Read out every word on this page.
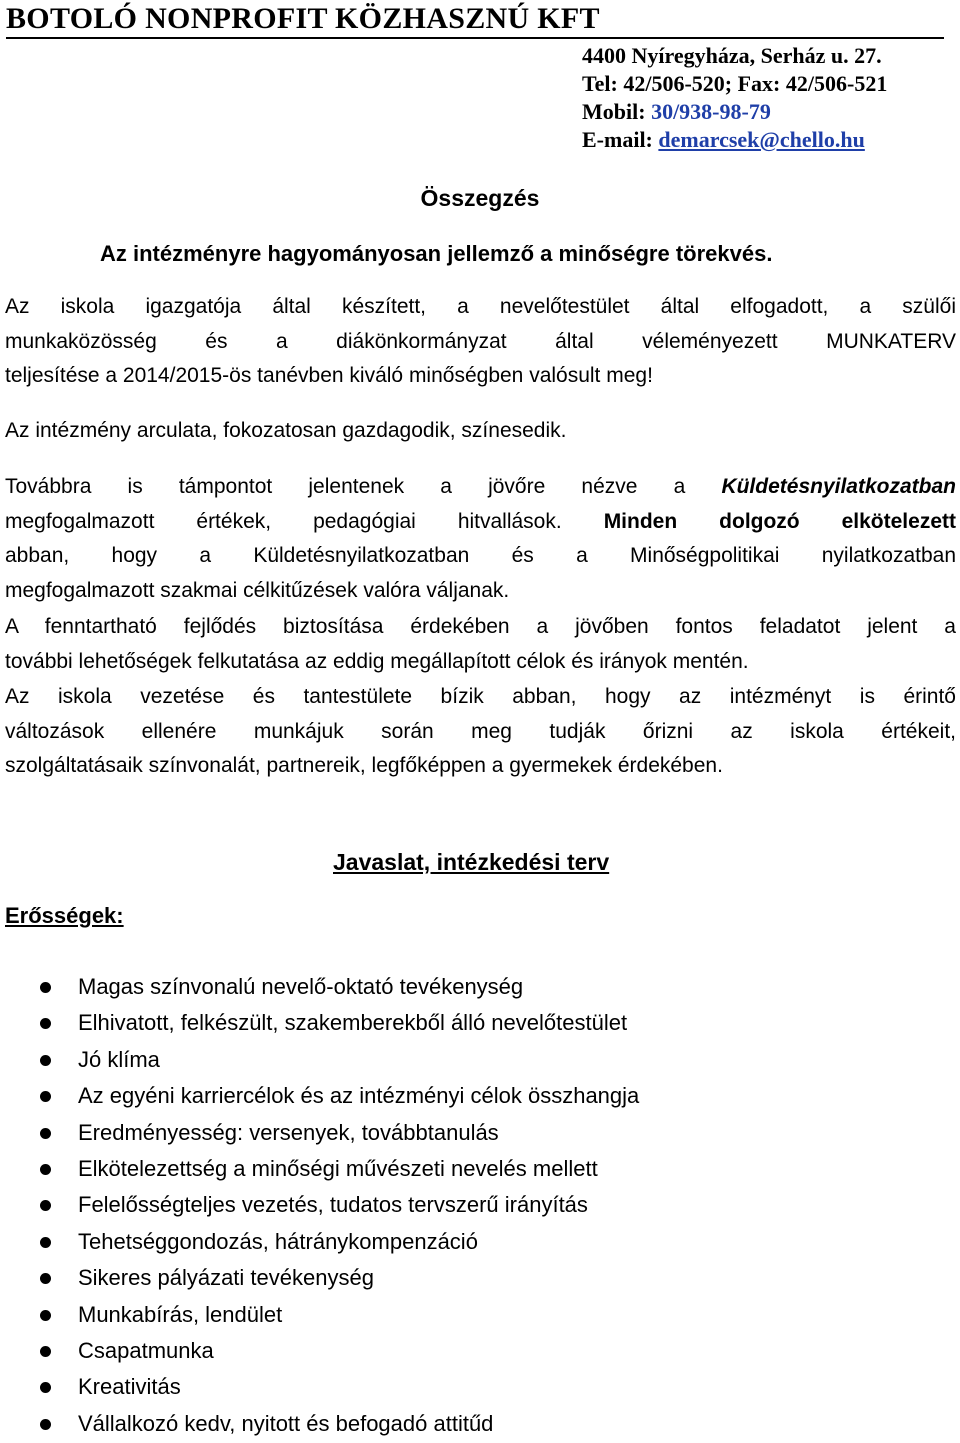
BOTOLÓ NONPROFIT KÖZHASZNÚ KFT
4400 Nyíregyháza, Serház u. 27.
Tel: 42/506-520; Fax: 42/506-521
Mobil: 30/938-98-79
E-mail: demarcsek@chello.hu
Összegzés
Az intézményre hagyományosan jellemző a minőségre törekvés.
Az iskola igazgatója által készített, a nevelőtestület által elfogadott, a szülői
munkaközösség és a diákönkormányzat által véleményezett MUNKATERV
teljesítése a 2014/2015-ös tanévben kiváló minőségben valósult meg!
Az intézmény arculata, fokozatosan gazdagodik, színesedik.
Továbbra is támpontot jelentenek a jövőre nézve a Küldetésnyilatkozatban
megfogalmazott értékek, pedagógiai hitvallások. Minden dolgozó elkötelezett
abban, hogy a Küldetésnyilatkozatban és a Minőségpolitikai nyilatkozatban
megfogalmazott szakmai célkitűzések valóra váljanak.
A fenntartható fejlődés biztosítása érdekében a jövőben fontos feladatot jelent a
további lehetőségek felkutatása az eddig megállapított célok és irányok mentén.
Az iskola vezetése és tantestülete bízik abban, hogy az intézményt is érintő
változások ellenére munkájuk során meg tudják őrizni az iskola értékeit,
szolgáltatásaik színvonalát, partnereik, legfőképpen a gyermekek érdekében.
Javaslat, intézkedési terv
Erősségek:
Magas színvonalú nevelő-oktató tevékenység
Elhivatott, felkészült, szakemberekből álló nevelőtestület
Jó klíma
Az egyéni karriercélok és az intézményi célok összhangja
Eredményesség: versenyek, továbbtanulás
Elkötelezettség a minőségi művészeti nevelés mellett
Felelősségteljes vezetés, tudatos tervszerű irányítás
Tehetséggondozás, hátránykompenzáció
Sikeres pályázati tevékenység
Munkabírás, lendület
Csapatmunka
Kreativitás
Vállalkozó kedv, nyitott és befogadó attitűd
